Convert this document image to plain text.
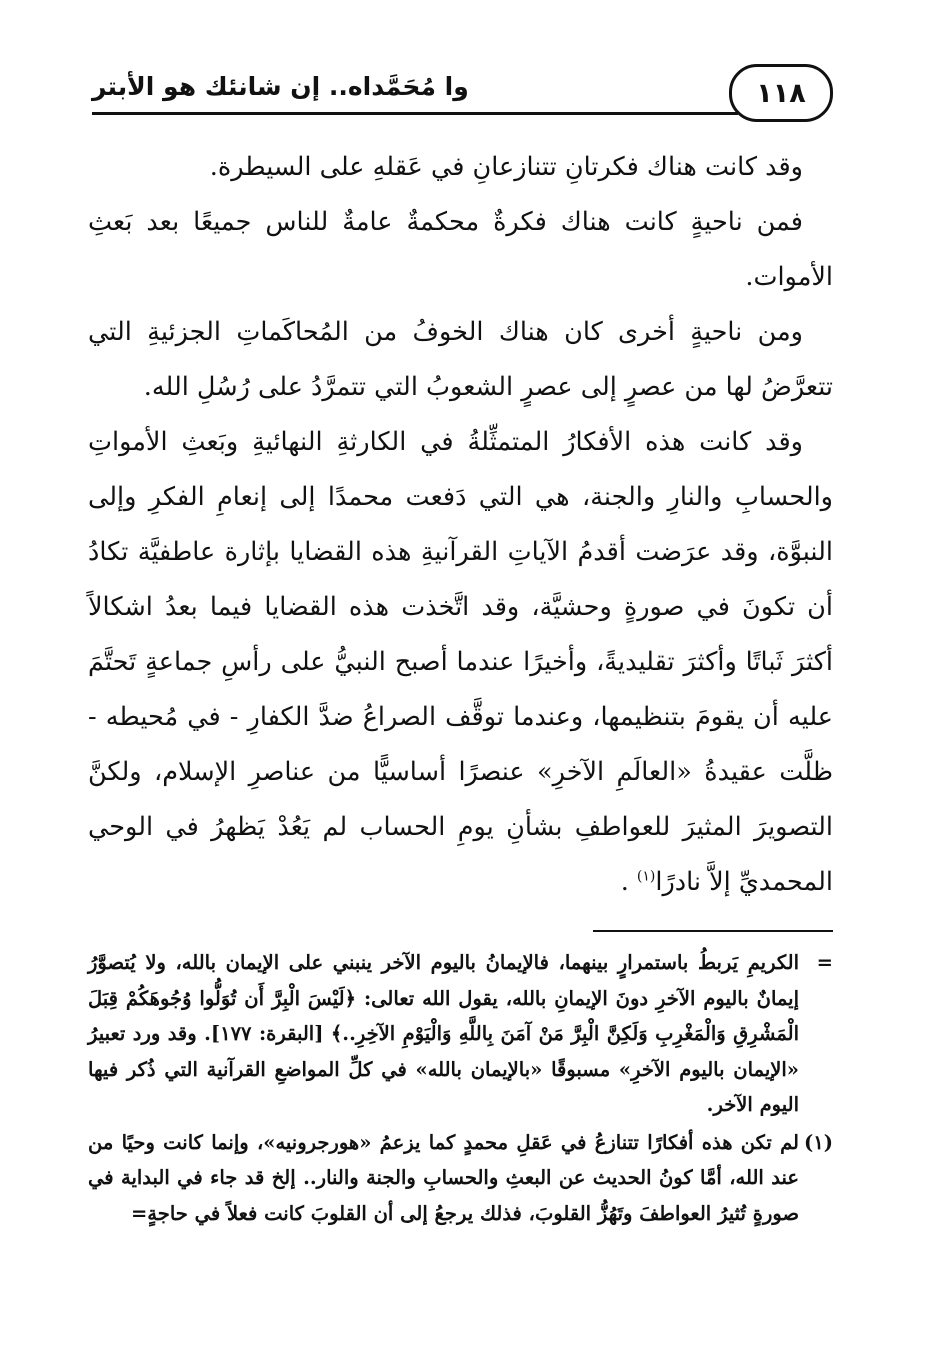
١١٨
وا مُحَمَّداه.. إن شانئك هو الأبتر

وقد كانت هناك فكرتانِ تتنازعانِ في عَقلهِ على السيطرة.

فمن ناحيةٍ كانت هناك فكرةٌ محكمةٌ عامةٌ للناس جميعًا بعد بَعثِ الأموات.

ومن ناحيةٍ أخرى كان هناك الخوفُ من المُحاكَماتِ الجزئيةِ التي تتعرَّضُ لها من عصرٍ إلى عصرٍ الشعوبُ التي تتمرَّدُ على رُسُلِ الله.

وقد كانت هذه الأفكارُ المتمثِّلةُ في الكارثةِ النهائيةِ وبَعثِ الأمواتِ والحسابِ والنارِ والجنة، هي التي دَفعت محمدًا إلى إنعامِ الفكرِ وإلى النبوَّة، وقد عرَضت أقدمُ الآياتِ القرآنيةِ هذه القضايا بإثارة عاطفيَّة تكادُ أن تكونَ في صورةٍ وحشيَّة، وقد اتَّخذت هذه القضايا فيما بعدُ اشكالاً أكثرَ ثَباتًا وأكثرَ تقليديةً، وأخيرًا عندما أصبح النبيُّ على رأسِ جماعةٍ تَحتَّمَ عليه أن يقومَ بتنظيمها، وعندما توقَّف الصراعُ ضدَّ الكفارِ - في مُحيطه - ظلَّت عقيدةُ «العالَمِ الآخرِ» عنصرًا أساسيًّا من عناصرِ الإسلام، ولكنَّ التصويرَ المثيرَ للعواطفِ بشأنِ يومِ الحساب لم يَعُدْ يَظهرُ في الوحي المحمديِّ إلاَّ نادرًا$^{(١)}$ .

=
الكريمِ يَربطُ باستمرارٍ بينهما، فالإيمانُ باليوم الآخر ينبني على الإيمان بالله، ولا يُتصوَّرُ إيمانٌ باليوم الآخرِ دونَ الإيمانِ بالله، يقول الله تعالى: ﴿لَيْسَ الْبِرَّ أَن تُوَلُّوا وُجُوهَكُمْ قِبَلَ الْمَشْرِقِ وَالْمَغْرِبِ وَلَكِنَّ الْبِرَّ مَنْ آمَنَ بِاللَّهِ وَالْيَوْمِ الآخِرِ..﴾ [البقرة: ١٧٧]. وقد ورد تعبيرُ «الإيمان باليوم الآخرِ» مسبوقًا «بالإيمان بالله» في كلِّ المواضعِ القرآنية التي ذُكر فيها اليوم الآخر.

(١)
لم تكن هذه أفكارًا تتنازعُ في عَقلِ محمدٍ كما يزعمُ «هورجرونيه»، وإنما كانت وحيًا من عند الله، أمَّا كونُ الحديث عن البعثِ والحسابِ والجنة والنار.. إلخ قد جاء في البداية في صورةٍ تُثيرُ العواطفَ وتَهُزُّ القلوبَ، فذلك يرجعُ إلى أن القلوبَ كانت فعلاً في حاجةٍ=
